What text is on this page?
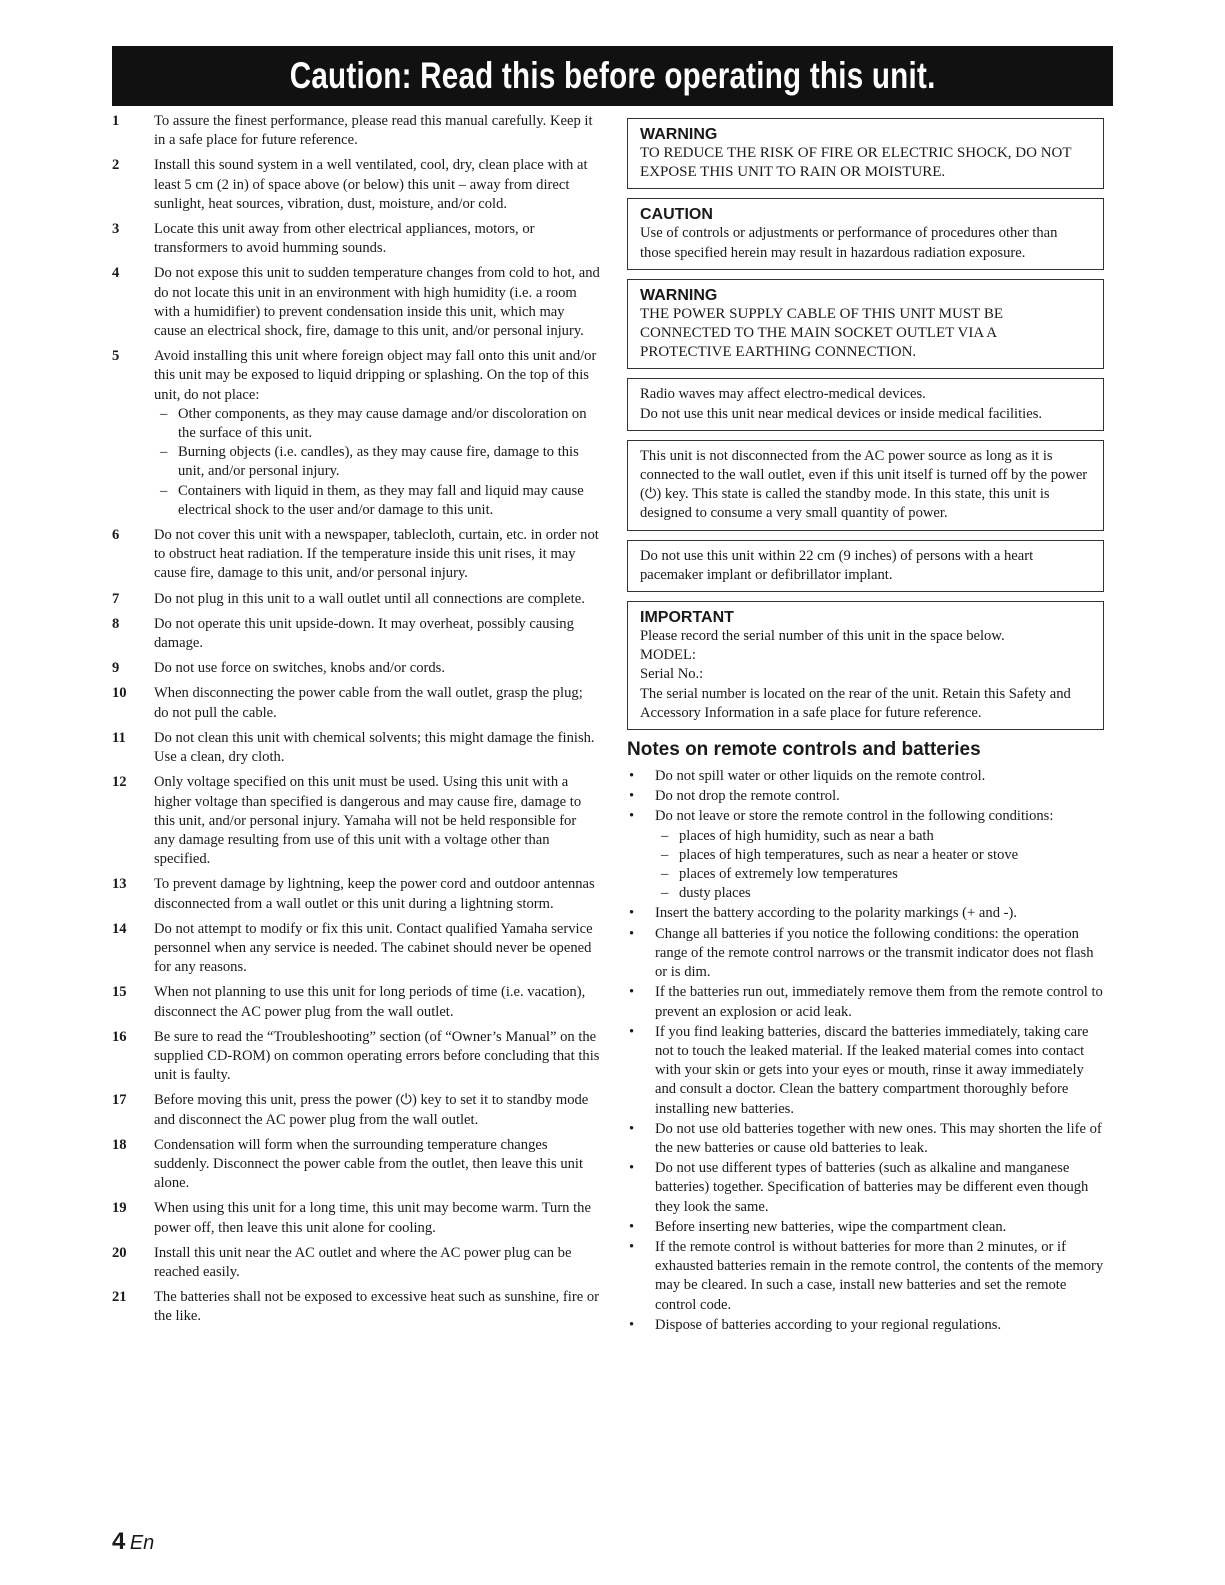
Caution: Read this before operating this unit.
1	To assure the finest performance, please read this manual carefully. Keep it in a safe place for future reference.
2	Install this sound system in a well ventilated, cool, dry, clean place with at least 5 cm (2 in) of space above (or below) this unit – away from direct sunlight, heat sources, vibration, dust, moisture, and/or cold.
3	Locate this unit away from other electrical appliances, motors, or transformers to avoid humming sounds.
4	Do not expose this unit to sudden temperature changes from cold to hot, and do not locate this unit in an environment with high humidity (i.e. a room with a humidifier) to prevent condensation inside this unit, which may cause an electrical shock, fire, damage to this unit, and/or personal injury.
5	Avoid installing this unit where foreign object may fall onto this unit and/or this unit may be exposed to liquid dripping or splashing. On the top of this unit, do not place:
– Other components, as they may cause damage and/or discoloration on the surface of this unit.
– Burning objects (i.e. candles), as they may cause fire, damage to this unit, and/or personal injury.
– Containers with liquid in them, as they may fall and liquid may cause electrical shock to the user and/or damage to this unit.
6	Do not cover this unit with a newspaper, tablecloth, curtain, etc. in order not to obstruct heat radiation. If the temperature inside this unit rises, it may cause fire, damage to this unit, and/or personal injury.
7	Do not plug in this unit to a wall outlet until all connections are complete.
8	Do not operate this unit upside-down. It may overheat, possibly causing damage.
9	Do not use force on switches, knobs and/or cords.
10	When disconnecting the power cable from the wall outlet, grasp the plug; do not pull the cable.
11	Do not clean this unit with chemical solvents; this might damage the finish. Use a clean, dry cloth.
12	Only voltage specified on this unit must be used. Using this unit with a higher voltage than specified is dangerous and may cause fire, damage to this unit, and/or personal injury. Yamaha will not be held responsible for any damage resulting from use of this unit with a voltage other than specified.
13	To prevent damage by lightning, keep the power cord and outdoor antennas disconnected from a wall outlet or this unit during a lightning storm.
14	Do not attempt to modify or fix this unit. Contact qualified Yamaha service personnel when any service is needed. The cabinet should never be opened for any reasons.
15	When not planning to use this unit for long periods of time (i.e. vacation), disconnect the AC power plug from the wall outlet.
16	Be sure to read the “Troubleshooting” section (of “Owner’s Manual” on the supplied CD-ROM) on common operating errors before concluding that this unit is faulty.
17	Before moving this unit, press the power (⏻) key to set it to standby mode and disconnect the AC power plug from the wall outlet.
18	Condensation will form when the surrounding temperature changes suddenly. Disconnect the power cable from the outlet, then leave this unit alone.
19	When using this unit for a long time, this unit may become warm. Turn the power off, then leave this unit alone for cooling.
20	Install this unit near the AC outlet and where the AC power plug can be reached easily.
21	The batteries shall not be exposed to excessive heat such as sunshine, fire or the like.
WARNING
TO REDUCE THE RISK OF FIRE OR ELECTRIC SHOCK, DO NOT EXPOSE THIS UNIT TO RAIN OR MOISTURE.
CAUTION
Use of controls or adjustments or performance of procedures other than those specified herein may result in hazardous radiation exposure.
WARNING
THE POWER SUPPLY CABLE OF THIS UNIT MUST BE CONNECTED TO THE MAIN SOCKET OUTLET VIA A PROTECTIVE EARTHING CONNECTION.
Radio waves may affect electro-medical devices.
Do not use this unit near medical devices or inside medical facilities.
This unit is not disconnected from the AC power source as long as it is connected to the wall outlet, even if this unit itself is turned off by the power (⏻) key. This state is called the standby mode. In this state, this unit is designed to consume a very small quantity of power.
Do not use this unit within 22 cm (9 inches) of persons with a heart pacemaker implant or defibrillator implant.
IMPORTANT
Please record the serial number of this unit in the space below.
MODEL:
Serial No.:
The serial number is located on the rear of the unit. Retain this Safety and Accessory Information in a safe place for future reference.
Notes on remote controls and batteries
•	Do not spill water or other liquids on the remote control.
•	Do not drop the remote control.
•	Do not leave or store the remote control in the following conditions:
– places of high humidity, such as near a bath
– places of high temperatures, such as near a heater or stove
– places of extremely low temperatures
– dusty places
•	Insert the battery according to the polarity markings (+ and -).
•	Change all batteries if you notice the following conditions: the operation range of the remote control narrows or the transmit indicator does not flash or is dim.
•	If the batteries run out, immediately remove them from the remote control to prevent an explosion or acid leak.
•	If you find leaking batteries, discard the batteries immediately, taking care not to touch the leaked material. If the leaked material comes into contact with your skin or gets into your eyes or mouth, rinse it away immediately and consult a doctor. Clean the battery compartment thoroughly before installing new batteries.
•	Do not use old batteries together with new ones. This may shorten the life of the new batteries or cause old batteries to leak.
•	Do not use different types of batteries (such as alkaline and manganese batteries) together. Specification of batteries may be different even though they look the same.
•	Before inserting new batteries, wipe the compartment clean.
•	If the remote control is without batteries for more than 2 minutes, or if exhausted batteries remain in the remote control, the contents of the memory may be cleared. In such a case, install new batteries and set the remote control code.
•	Dispose of batteries according to your regional regulations.
4 En
